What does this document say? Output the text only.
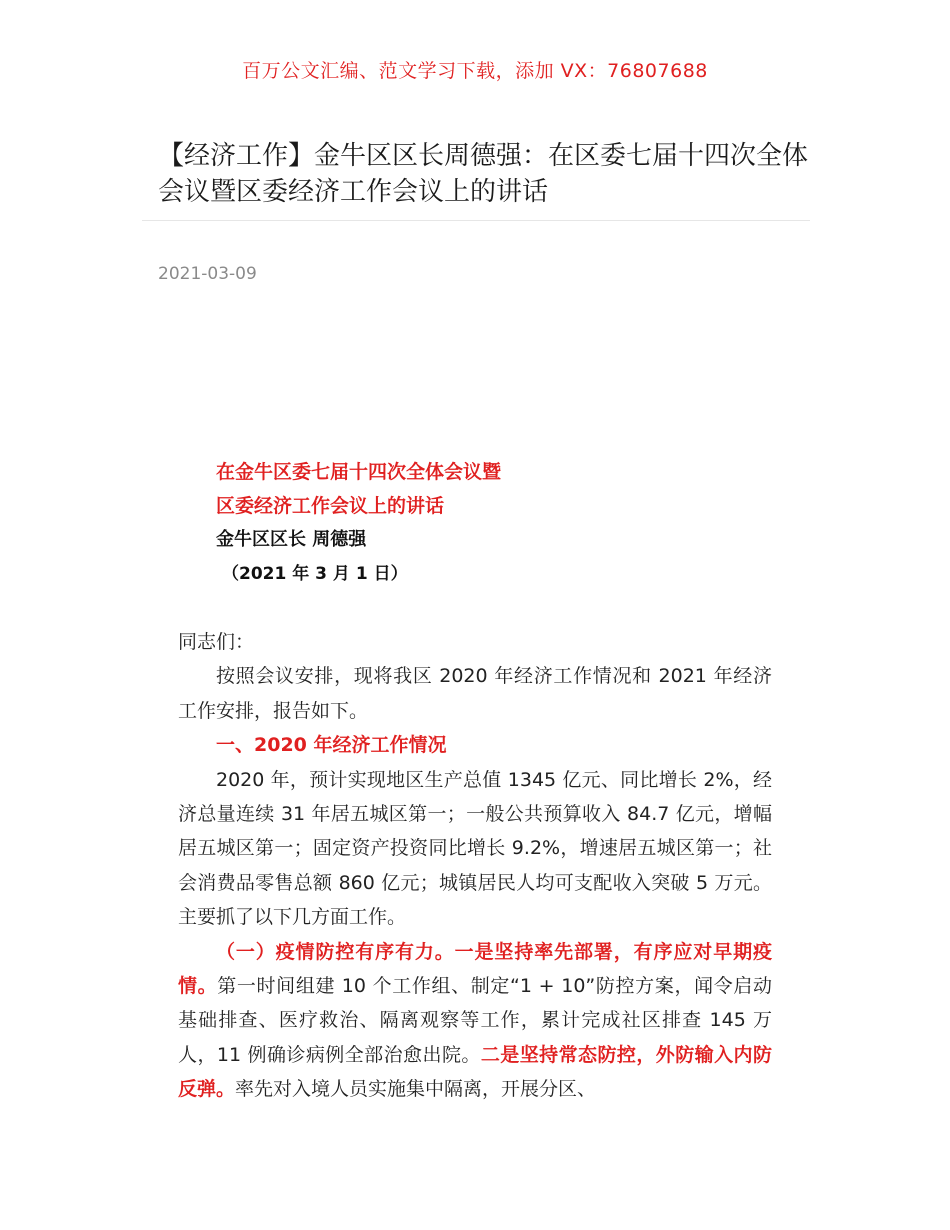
百万公文汇编、范文学习下载，添加 VX：76807688
【经济工作】金牛区区长周德强：在区委七届十四次全体会议暨区委经济工作会议上的讲话
2021-03-09
在金牛区委七届十四次全体会议暨
区委经济工作会议上的讲话
金牛区区长 周德强
（2021 年 3 月 1 日）

同志们：

按照会议安排，现将我区 2020 年经济工作情况和 2021 年经济工作安排，报告如下。

一、2020 年经济工作情况

2020 年，预计实现地区生产总值 1345 亿元、同比增长 2%，经济总量连续 31 年居五城区第一；一般公共预算收入 84.7 亿元，增幅居五城区第一；固定资产投资同比增长 9.2%，增速居五城区第一；社会消费品零售总额 860 亿元；城镇居民人均可支配收入突破 5 万元。主要抓了以下几方面工作。

（一）疫情防控有序有力。一是坚持率先部署，有序应对早期疫情。第一时间组建 10 个工作组、制定“1 + 10”防控方案，闻令启动基础排查、医疗救治、隔离观察等工作，累计完成社区排查 145 万人，11 例确诊病例全部治愈出院。二是坚持常态防控，外防输入内防反弹。率先对入境人员实施集中隔离，开展分区、
